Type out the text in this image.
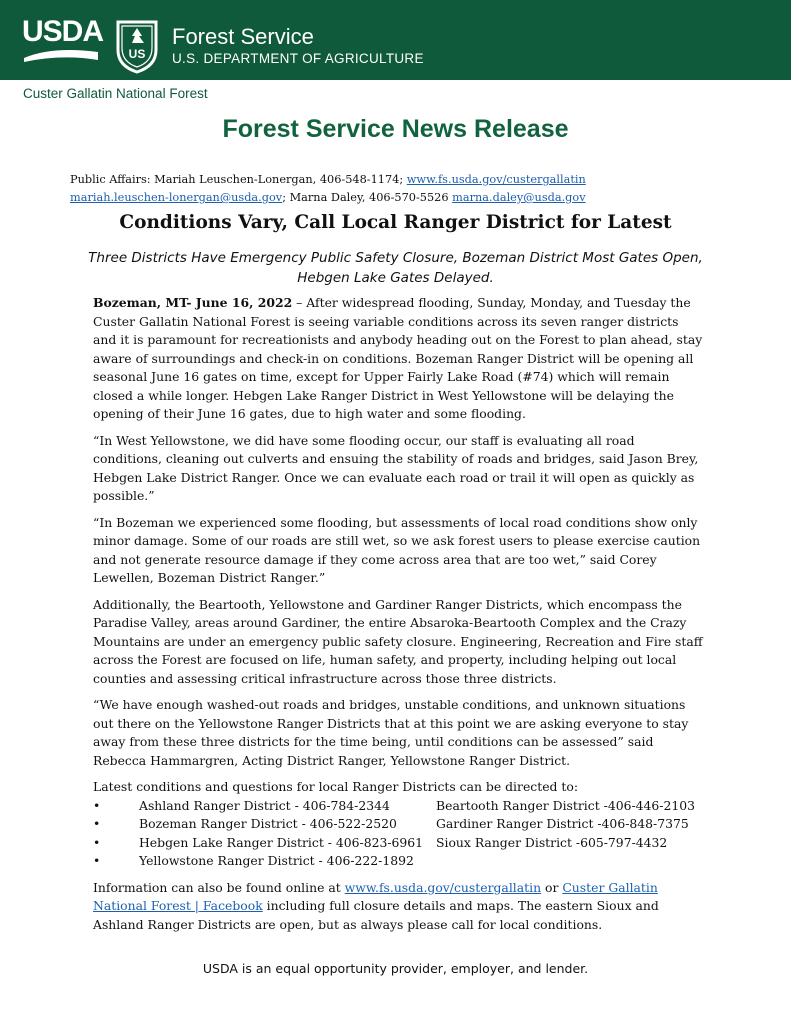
USDA
US
Forest Service
U.S. DEPARTMENT OF AGRICULTURE
Custer Gallatin National Forest
Forest Service News Release
Public Affairs: Mariah Leuschen-Lonergan, 406-548-1174; www.fs.usda.gov/custergallatin
mariah.leuschen-lonergan@usda.gov; Marna Daley, 406-570-5526 marna.daley@usda.gov
Conditions Vary, Call Local Ranger District for Latest
Three Districts Have Emergency Public Safety Closure, Bozeman District Most Gates Open, Hebgen Lake Gates Delayed.

Bozeman, MT- June 16, 2022 – After widespread flooding, Sunday, Monday, and Tuesday the Custer Gallatin National Forest is seeing variable conditions across its seven ranger districts and it is paramount for recreationists and anybody heading out on the Forest to plan ahead, stay aware of surroundings and check-in on conditions. Bozeman Ranger District will be opening all seasonal June 16 gates on time, except for Upper Fairly Lake Road (#74) which will remain closed a while longer. Hebgen Lake Ranger District in West Yellowstone will be delaying the opening of their June 16 gates, due to high water and some flooding.

“In West Yellowstone, we did have some flooding occur, our staff is evaluating all road conditions, cleaning out culverts and ensuing the stability of roads and bridges, said Jason Brey, Hebgen Lake District Ranger. Once we can evaluate each road or trail it will open as quickly as possible.”

“In Bozeman we experienced some flooding, but assessments of local road conditions show only minor damage. Some of our roads are still wet, so we ask forest users to please exercise caution and not generate resource damage if they come across area that are too wet,” said Corey Lewellen, Bozeman District Ranger.”

Additionally, the Beartooth, Yellowstone and Gardiner Ranger Districts, which encompass the Paradise Valley, areas around Gardiner, the entire Absaroka-Beartooth Complex and the Crazy Mountains are under an emergency public safety closure. Engineering, Recreation and Fire staff across the Forest are focused on life, human safety, and property, including helping out local counties and assessing critical infrastructure across those three districts.

“We have enough washed-out roads and bridges, unstable conditions, and unknown situations out there on the Yellowstone Ranger Districts that at this point we are asking everyone to stay away from these three districts for the time being, until conditions can be assessed” said Rebecca Hammargren, Acting District Ranger, Yellowstone Ranger District.

Latest conditions and questions for local Ranger Districts can be directed to:

•	Ashland Ranger District - 406-784-2344	Beartooth Ranger District -406-446-2103
•	Bozeman Ranger District - 406-522-2520	Gardiner Ranger District -406-848-7375
•	Hebgen Lake Ranger District - 406-823-6961 Sioux Ranger District -605-797-4432
•	Yellowstone Ranger District - 406-222-1892

Information can also be found online at www.fs.usda.gov/custergallatin or Custer Gallatin National Forest | Facebook including full closure details and maps. The eastern Sioux and Ashland Ranger Districts are open, but as always please call for local conditions.

USDA is an equal opportunity provider, employer, and lender.
